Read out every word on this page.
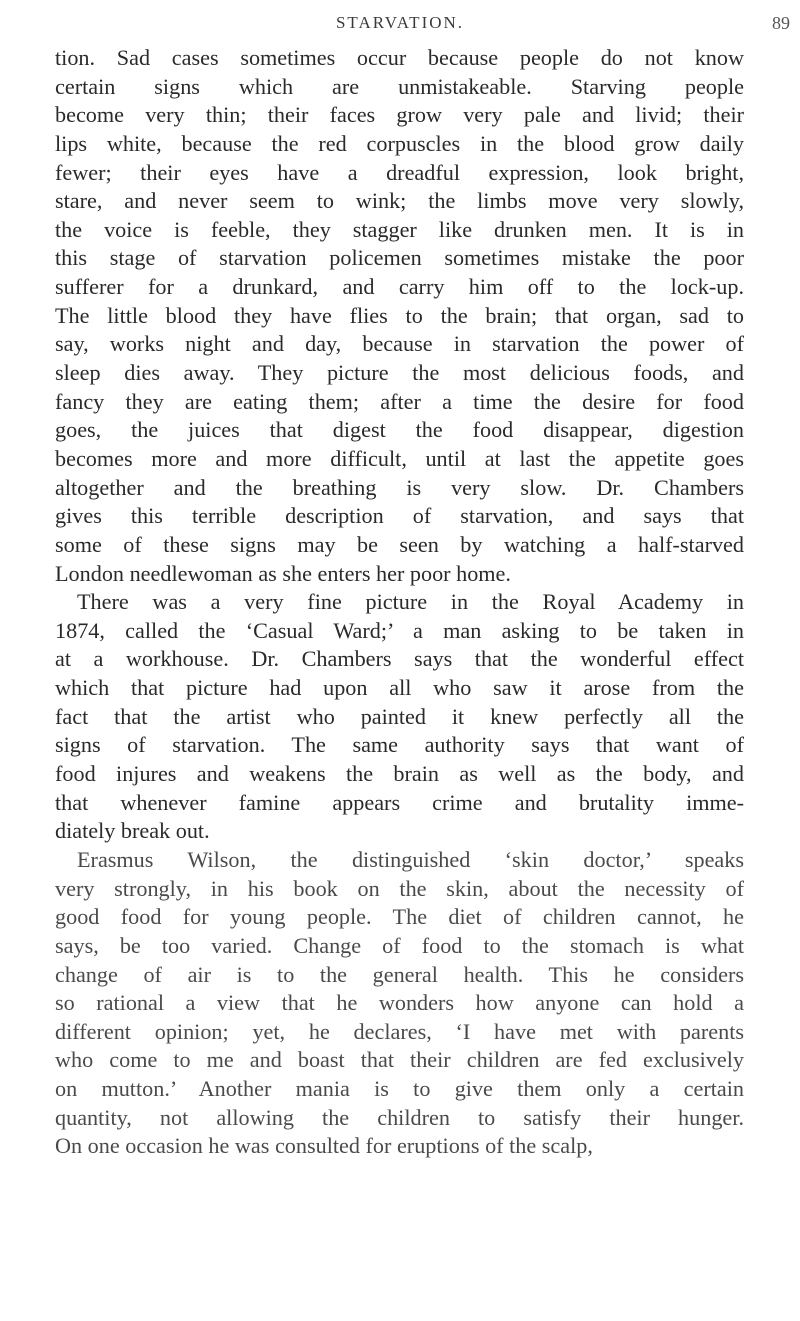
STARVATION.	89
tion. Sad cases sometimes occur because people do not know
certain signs which are unmistakeable. Starving people
become very thin; their faces grow very pale and livid; their
lips white, because the red corpuscles in the blood grow daily
fewer; their eyes have a dreadful expression, look bright,
stare, and never seem to wink; the limbs move very slowly,
the voice is feeble, they stagger like drunken men. It is in
this stage of starvation policemen sometimes mistake the poor
sufferer for a drunkard, and carry him off to the lock-up.
The little blood they have flies to the brain; that organ, sad to
say, works night and day, because in starvation the power of
sleep dies away. They picture the most delicious foods, and
fancy they are eating them; after a time the desire for food
goes, the juices that digest the food disappear, digestion
becomes more and more difficult, until at last the appetite goes
altogether and the breathing is very slow. Dr. Chambers
gives this terrible description of starvation, and says that
some of these signs may be seen by watching a half-starved
London needlewoman as she enters her poor home.
There was a very fine picture in the Royal Academy in
1874, called the ‘Casual Ward;’ a man asking to be taken in
at a workhouse. Dr. Chambers says that the wonderful effect
which that picture had upon all who saw it arose from the
fact that the artist who painted it knew perfectly all the
signs of starvation. The same authority says that want of
food injures and weakens the brain as well as the body, and
that whenever famine appears crime and brutality imme-
diately break out.
Erasmus Wilson, the distinguished ‘skin doctor,’ speaks
very strongly, in his book on the skin, about the necessity of
good food for young people. The diet of children cannot, he
says, be too varied. Change of food to the stomach is what
change of air is to the general health. This he considers
so rational a view that he wonders how anyone can hold a
different opinion; yet, he declares, ‘I have met with parents
who come to me and boast that their children are fed exclusively
on mutton.’ Another mania is to give them only a certain
quantity, not allowing the children to satisfy their hunger.
On one occasion he was consulted for eruptions of the scalp,
